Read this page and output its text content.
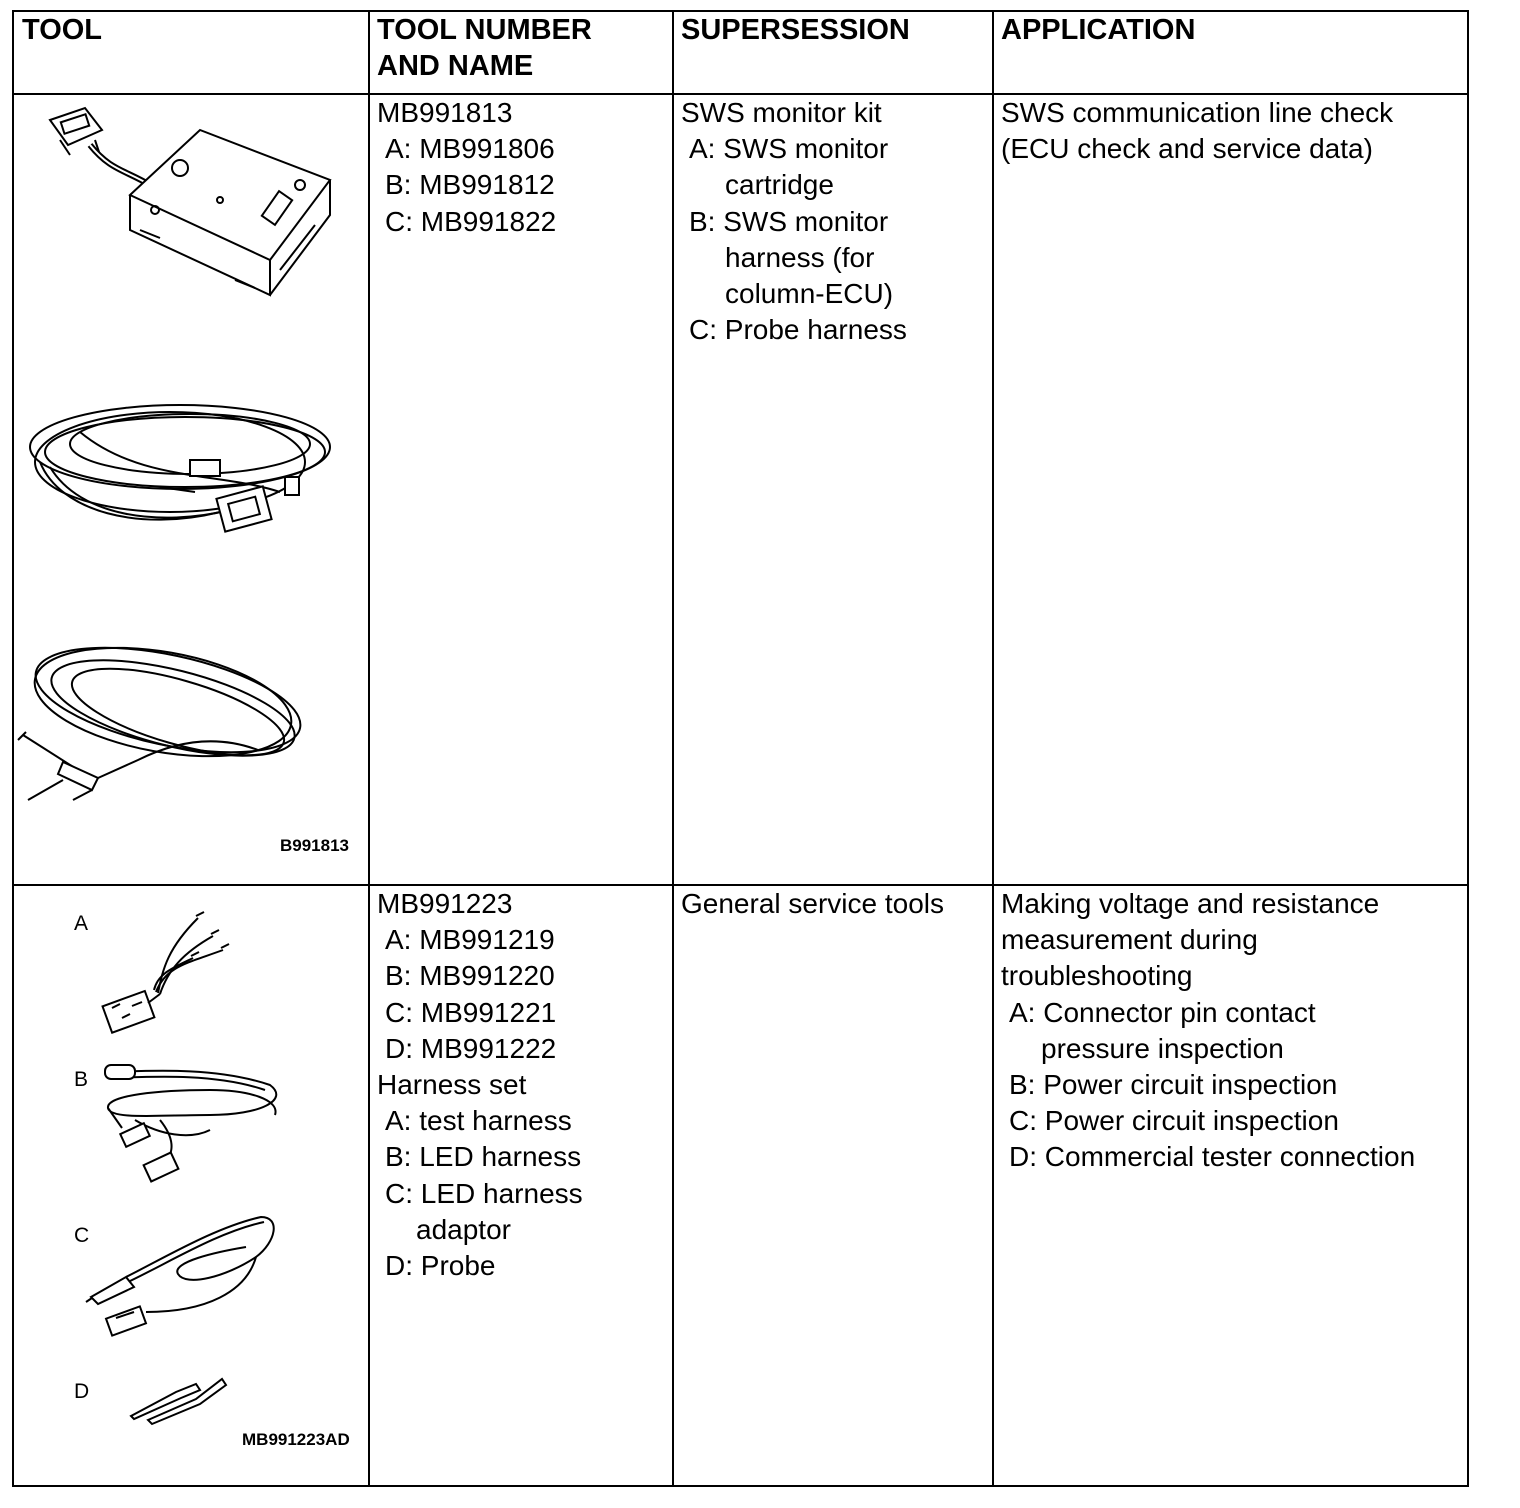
TOOL	TOOL NUMBER
AND NAME
SUPERSESSION	APPLICATION
B991813
MB991813
A: MB991806
B: MB991812
C: MB991822
SWS monitor kit
A: SWS monitor
cartridge
B: SWS monitor
harness (for
column-ECU)
C: Probe harness
SWS communication line check
(ECU check and service data)
A
B
C
D
MB991223AD
MB991223
A: MB991219
B: MB991220
C: MB991221
D: MB991222
Harness set
A: test harness
B: LED harness
C: LED harness
adaptor
D: Probe
General service tools Making voltage and resistance
measurement during
troubleshooting
A: Connector pin contact
pressure inspection
B: Power circuit inspection
C: Power circuit inspection
D: Commercial tester connection
